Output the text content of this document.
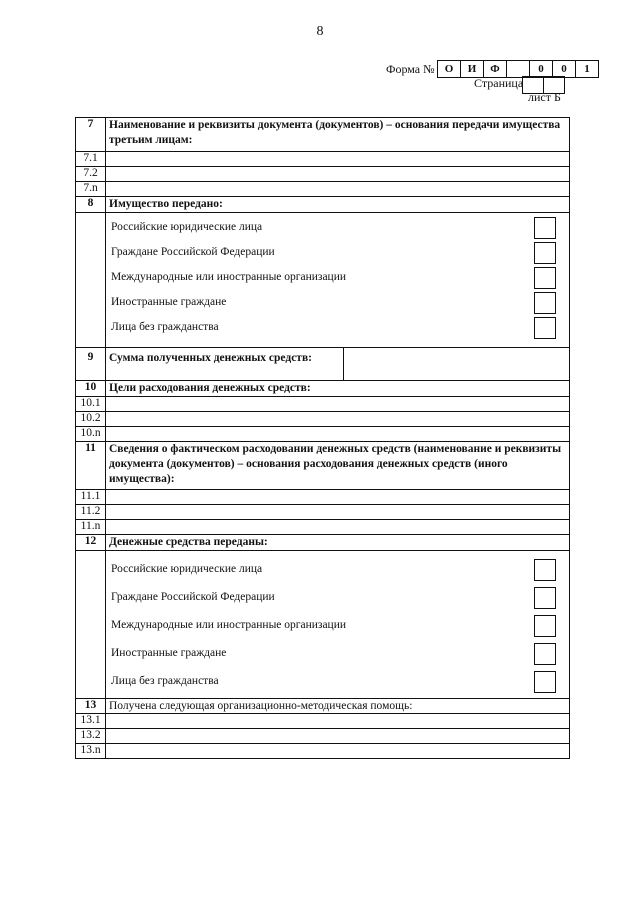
8
Форма № О	И	Ф	0	0	1
Страница
лист Б
7	Наименование и реквизиты документа (документов) – основания передачи имущества третьим лицам:
7.1	
7.2	
7.n	
8	Имущество передано:

	Российские юридические лица
Граждане Российской Федерации
Международные или иностранные организации
Иностранные граждане
Лица без гражданства

9	Сумма полученных денежных средств:

10	Цели расходования денежных средств:
10.1	
10.2	
10.n	
11	Сведения о фактическом расходовании денежных средств (наименование и реквизиты документа (документов) – основания расходования денежных средств (иного имущества):
11.1	
11.2	
11.n	
12	Денежные средства переданы:

	Российские юридические лица
Граждане Российской Федерации
Международные или иностранные организации
Иностранные граждане
Лица без гражданства

13	Получена следующая организационно-методическая помощь:
13.1	
13.2	
13.n	
